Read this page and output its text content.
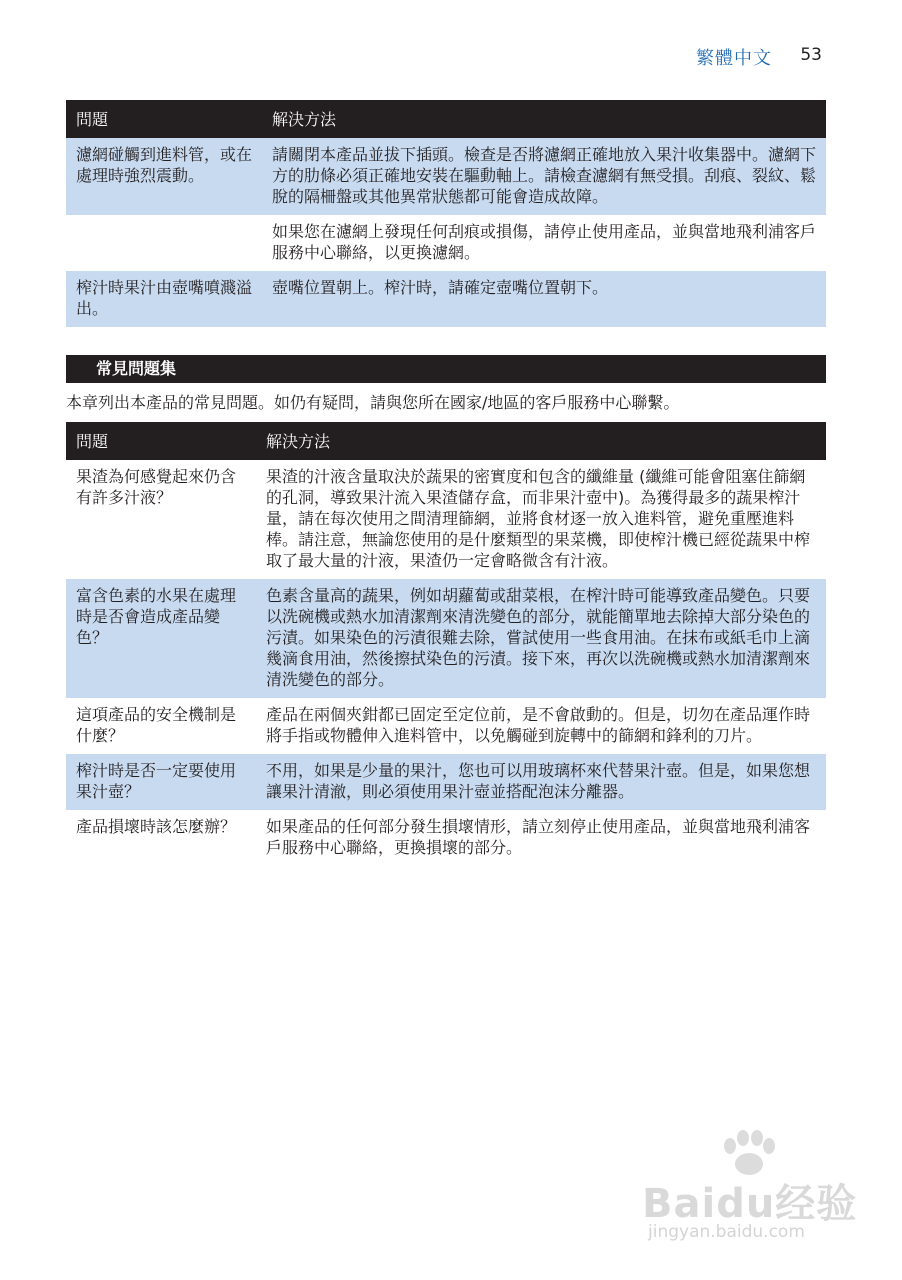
繁體中文 53
問題	解決方法
濾網碰觸到進料管，或在處理時強烈震動。	請關閉本產品並拔下插頭。檢查是否將濾網正確地放入果汁收集器中。濾網下方的肋條必須正確地安裝在驅動軸上。請檢查濾網有無受損。刮痕、裂紋、鬆脫的隔柵盤或其他異常狀態都可能會造成故障。
	如果您在濾網上發現任何刮痕或損傷，請停止使用產品，並與當地飛利浦客戶服務中心聯絡，以更換濾網。
榨汁時果汁由壺嘴噴濺溢出。	壺嘴位置朝上。榨汁時，請確定壺嘴位置朝下。
常見問題集
本章列出本產品的常見問題。如仍有疑問，請與您所在國家/地區的客戶服務中心聯繫。
問題	解決方法
果渣為何感覺起來仍含有許多汁液？	果渣的汁液含量取決於蔬果的密實度和包含的纖維量 (纖維可能會阻塞住篩網的孔洞，導致果汁流入果渣儲存盒，而非果汁壺中)。為獲得最多的蔬果榨汁量，請在每次使用之間清理篩網，並將食材逐一放入進料管，避免重壓進料棒。請注意，無論您使用的是什麼類型的果菜機，即使榨汁機已經從蔬果中榨取了最大量的汁液，果渣仍一定會略微含有汁液。
富含色素的水果在處理時是否會造成產品變色？	色素含量高的蔬果，例如胡蘿蔔或甜菜根，在榨汁時可能導致產品變色。只要以洗碗機或熱水加清潔劑來清洗變色的部分，就能簡單地去除掉大部分染色的污漬。如果染色的污漬很難去除，嘗試使用一些食用油。在抹布或紙毛巾上滴幾滴食用油，然後擦拭染色的污漬。接下來，再次以洗碗機或熱水加清潔劑來清洗變色的部分。
這項產品的安全機制是什麼？	產品在兩個夾鉗都已固定至定位前，是不會啟動的。但是，切勿在產品運作時將手指或物體伸入進料管中，以免觸碰到旋轉中的篩網和鋒利的刀片。
榨汁時是否一定要使用果汁壺？	不用，如果是少量的果汁，您也可以用玻璃杯來代替果汁壺。但是，如果您想讓果汁清澈，則必須使用果汁壺並搭配泡沫分離器。
產品損壞時該怎麼辦？	如果產品的任何部分發生損壞情形，請立刻停止使用產品，並與當地飛利浦客戶服務中心聯絡，更換損壞的部分。
Baidu经验
jingyan.baidu.com
